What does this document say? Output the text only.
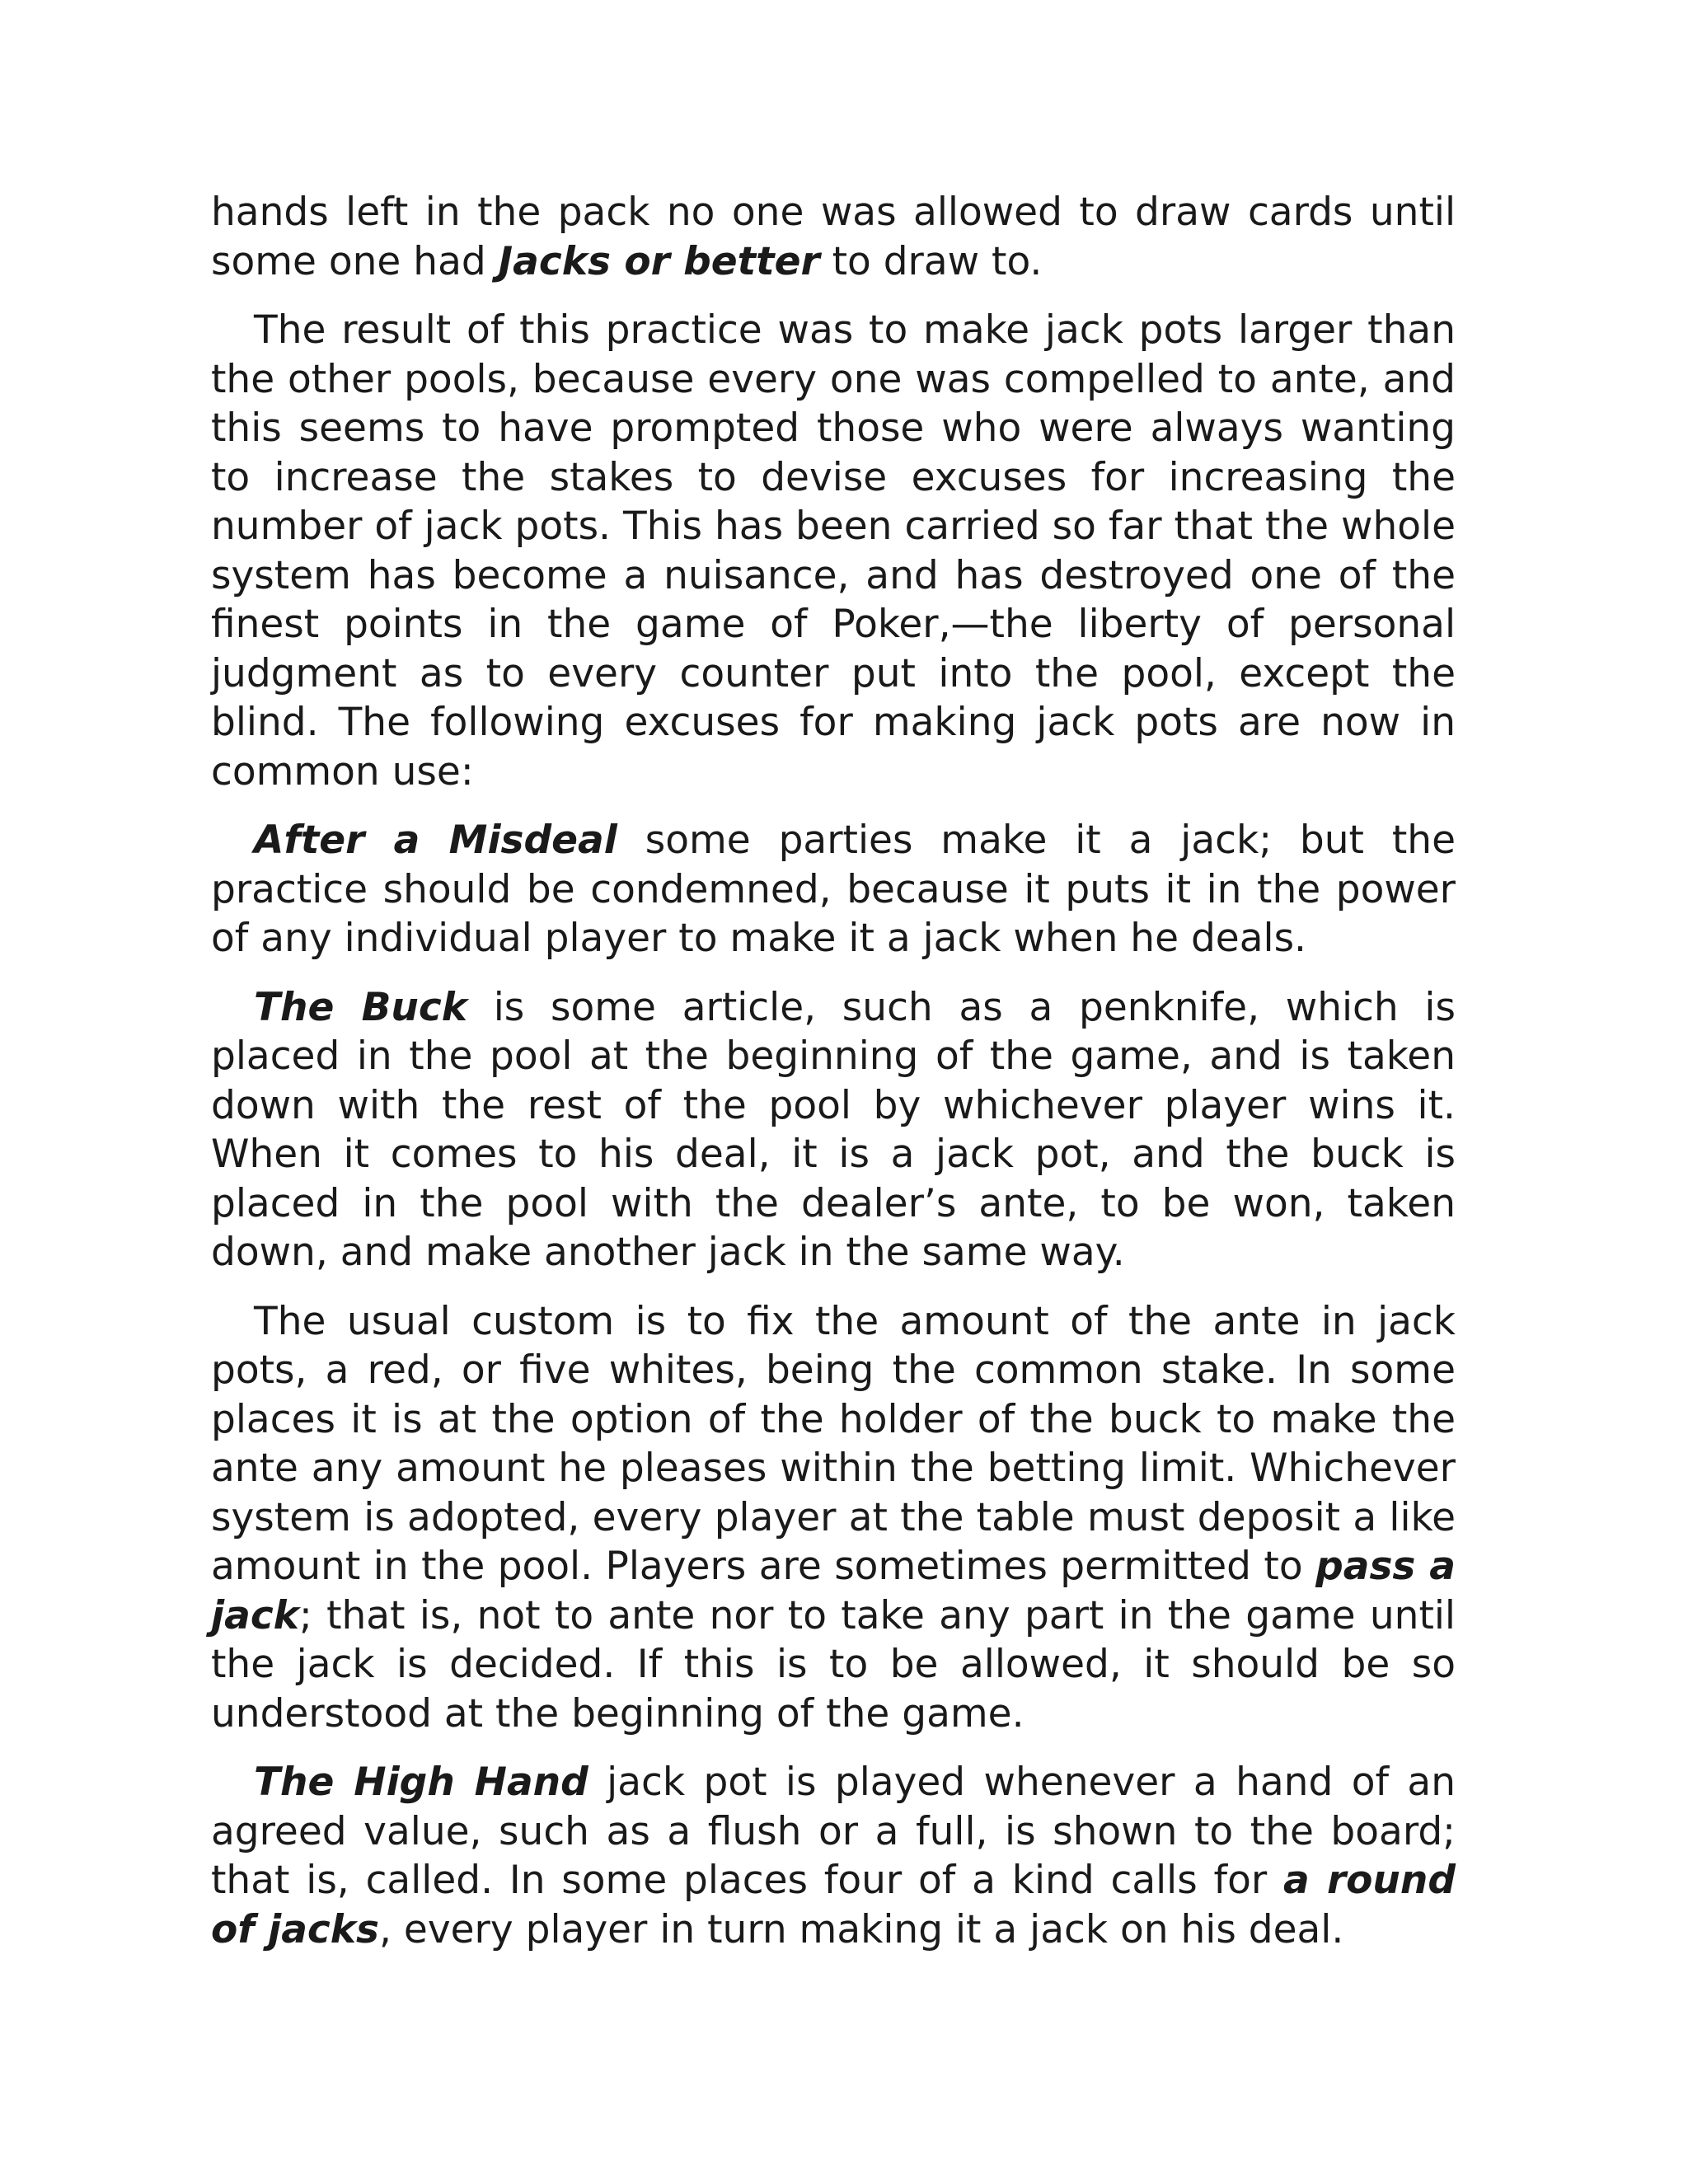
hands left in the pack no one was allowed to draw cards until some one had Jacks or better to draw to.

The result of this practice was to make jack pots larger than the other pools, because every one was compelled to ante, and this seems to have prompted those who were always wanting to increase the stakes to devise excuses for increasing the number of jack pots. This has been carried so far that the whole system has become a nuisance, and has destroyed one of the finest points in the game of Poker,—the liberty of personal judgment as to every counter put into the pool, except the blind. The following excuses for making jack pots are now in common use:

After a Misdeal some parties make it a jack; but the practice should be condemned, because it puts it in the power of any individual player to make it a jack when he deals.

The Buck is some article, such as a penknife, which is placed in the pool at the beginning of the game, and is taken down with the rest of the pool by whichever player wins it. When it comes to his deal, it is a jack pot, and the buck is placed in the pool with the dealer’s ante, to be won, taken down, and make another jack in the same way.

The usual custom is to fix the amount of the ante in jack pots, a red, or five whites, being the common stake. In some places it is at the option of the holder of the buck to make the ante any amount he pleases within the betting limit. Whichever system is adopted, every player at the table must deposit a like amount in the pool. Players are sometimes permitted to pass a jack; that is, not to ante nor to take any part in the game until the jack is decided. If this is to be allowed, it should be so understood at the beginning of the game.

The High Hand jack pot is played whenever a hand of an agreed value, such as a flush or a full, is shown to the board; that is, called. In some places four of a kind calls for a round of jacks, every player in turn making it a jack on his deal.
